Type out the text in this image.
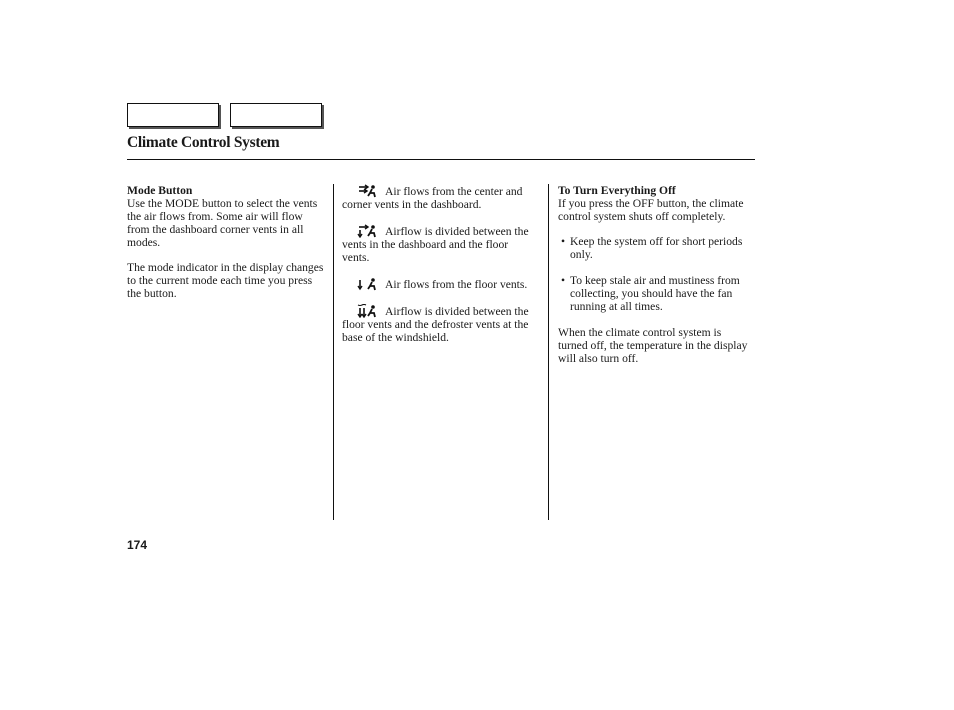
Climate Control System
Mode Button

Use the MODE button to select the vents the air flows from. Some air will flow from the dashboard corner vents in all modes.

The mode indicator in the display changes to the current mode each time you press the button.

Air flows from the center and corner vents in the dashboard.

Airflow is divided between the vents in the dashboard and the floor vents.

Air flows from the floor vents.

Airflow is divided between the floor vents and the defroster vents at the base of the windshield.

To Turn Everything Off

If you press the OFF button, the climate control system shuts off completely.

• Keep the system off for short periods only.

• To keep stale air and mustiness from collecting, you should have the fan running at all times.

When the climate control system is turned off, the temperature in the display will also turn off.

174
